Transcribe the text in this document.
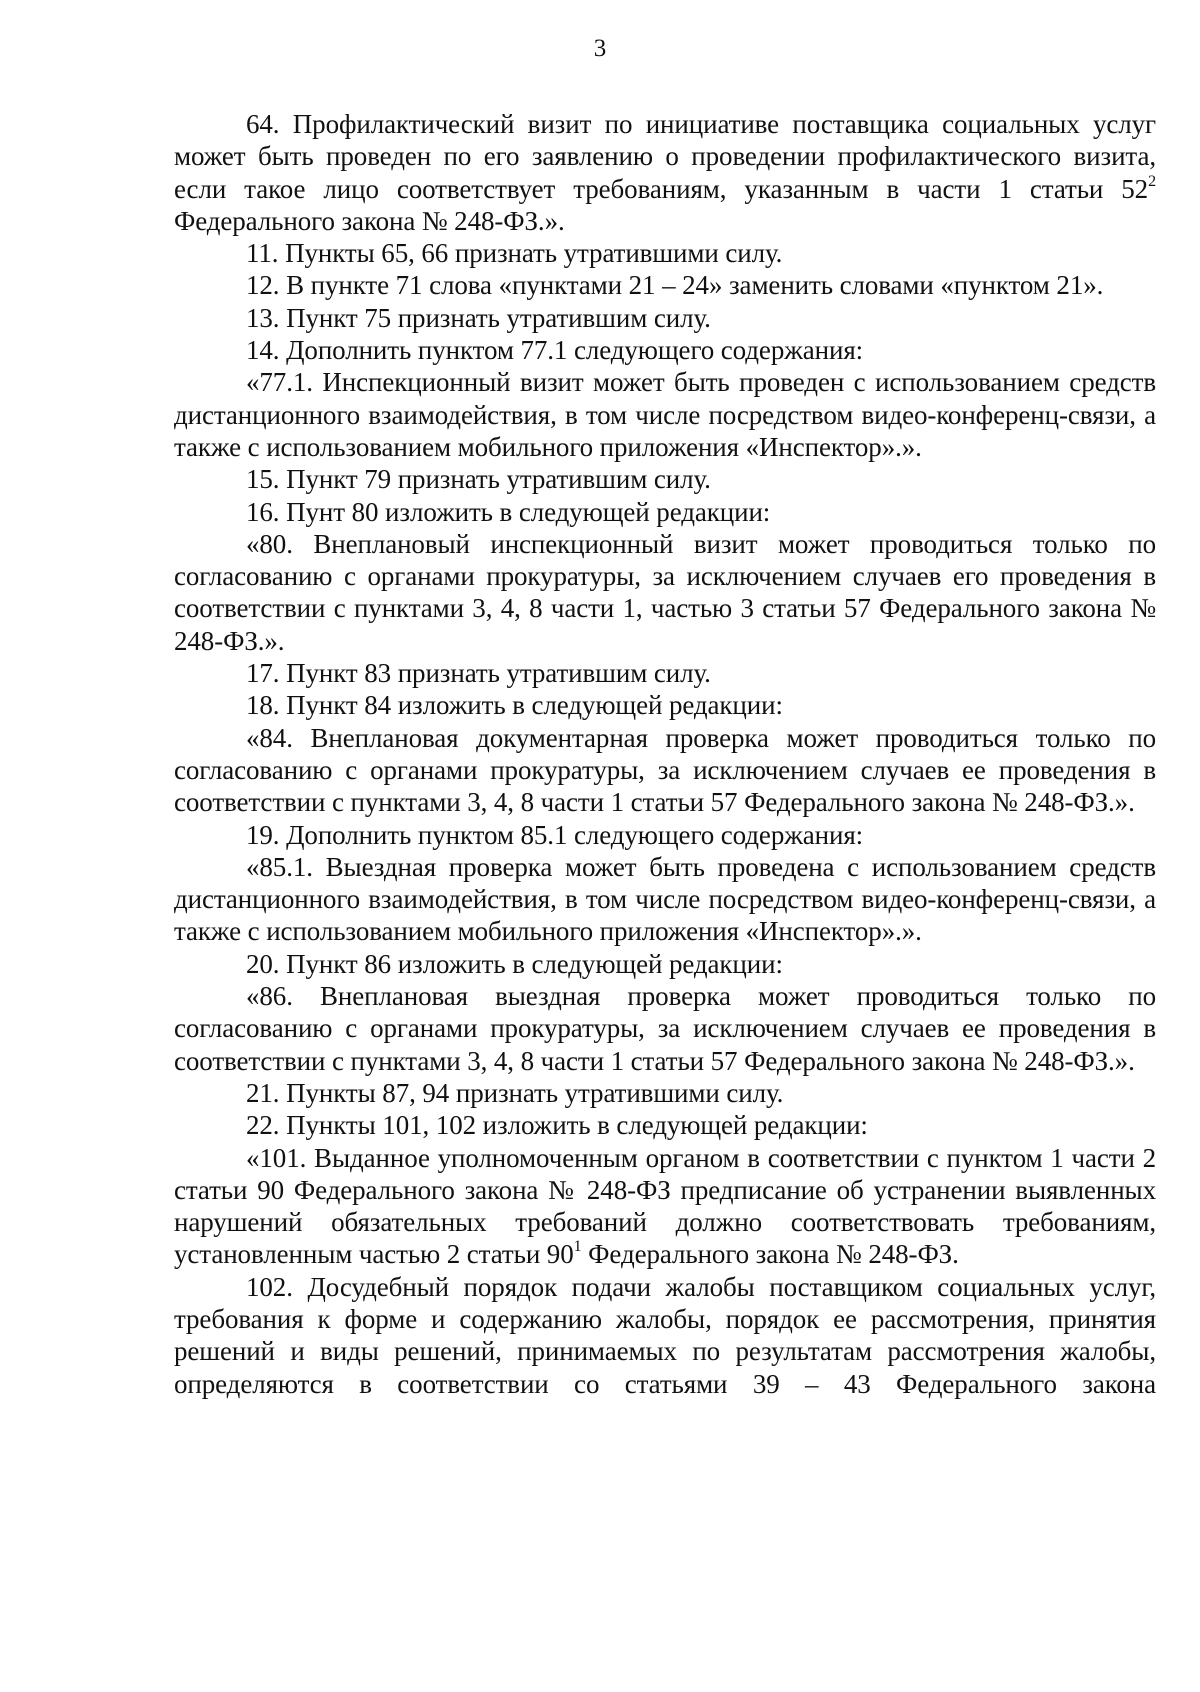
3

64. Профилактический визит по инициативе поставщика социальных услуг может быть проведен по его заявлению о проведении профилактического визита, если такое лицо соответствует требованиям, указанным в части 1 статьи $52^2$ Федерального закона № 248-ФЗ.».

11. Пункты 65, 66 признать утратившими силу.

12. В пункте 71 слова «пунктами 21 – 24» заменить словами «пунктом 21».

13. Пункт 75 признать утратившим силу.

14. Дополнить пунктом 77.1 следующего содержания:

«77.1. Инспекционный визит может быть проведен с использованием средств дистанционного взаимодействия, в том числе посредством видео-конференц-связи, а также с использованием мобильного приложения «Инспектор».».

15. Пункт 79 признать утратившим силу.

16. Пунт 80 изложить в следующей редакции:

«80. Внеплановый инспекционный визит может проводиться только по согласованию с органами прокуратуры, за исключением случаев его проведения в соответствии с пунктами 3, 4, 8 части 1, частью 3 статьи 57 Федерального закона № 248-ФЗ.».

17. Пункт 83 признать утратившим силу.

18. Пункт 84 изложить в следующей редакции:

«84. Внеплановая документарная проверка может проводиться только по согласованию с органами прокуратуры, за исключением случаев ее проведения в соответствии с пунктами 3, 4, 8 части 1 статьи 57 Федерального закона № 248-ФЗ.».

19. Дополнить пунктом 85.1 следующего содержания:

«85.1. Выездная проверка может быть проведена с использованием средств дистанционного взаимодействия, в том числе посредством видео-конференц-связи, а также с использованием мобильного приложения «Инспектор».».

20. Пункт 86 изложить в следующей редакции:

«86. Внеплановая выездная проверка может проводиться только по согласованию с органами прокуратуры, за исключением случаев ее проведения в соответствии с пунктами 3, 4, 8 части 1 статьи 57 Федерального закона № 248-ФЗ.».

21. Пункты 87, 94 признать утратившими силу.

22. Пункты 101, 102 изложить в следующей редакции:

«101. Выданное уполномоченным органом в соответствии с пунктом 1 части 2 статьи 90 Федерального закона № 248-ФЗ предписание об устранении выявленных нарушений обязательных требований должно соответствовать требованиям, установленным частью 2 статьи $90^1$ Федерального закона № 248-ФЗ.

102. Досудебный порядок подачи жалобы поставщиком социальных услуг, требования к форме и содержанию жалобы, порядок ее рассмотрения, принятия решений и виды решений, принимаемых по результатам рассмотрения жалобы, определяются в соответствии со статьями 39 – 43 Федерального закона
